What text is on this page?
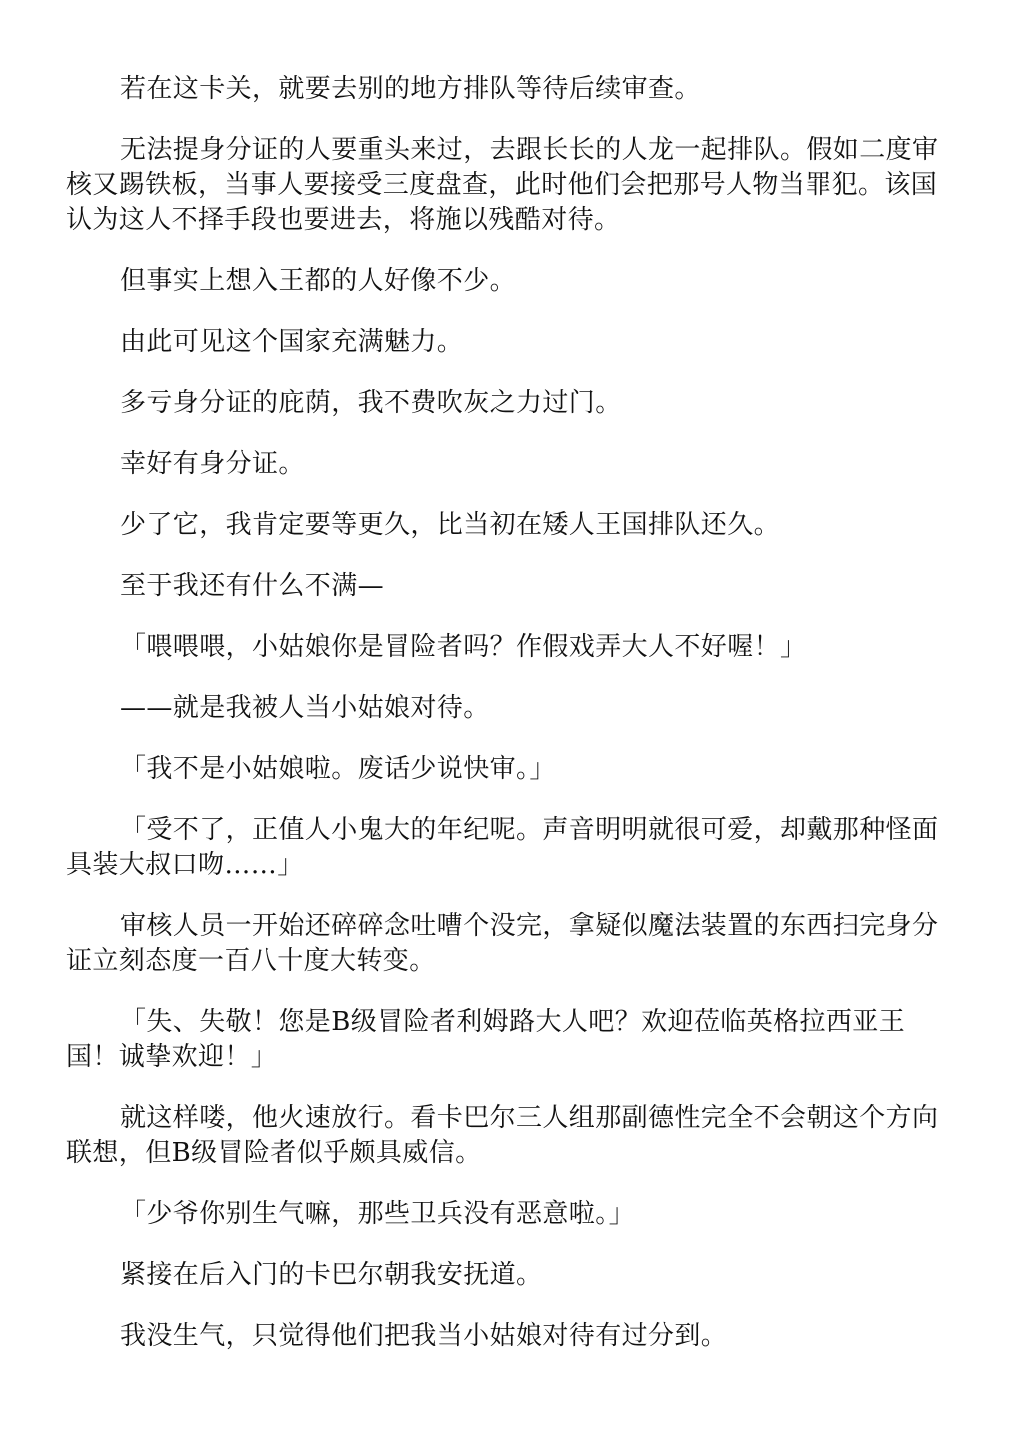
若在这卡关，就要去别的地方排队等待后续审查。

无法提身分证的人要重头来过，去跟长长的人龙一起排队。假如二度审核又踢铁板，当事人要接受三度盘查，此时他们会把那号人物当罪犯。该国认为这人不择手段也要进去，将施以残酷对待。

但事实上想入王都的人好像不少。

由此可见这个国家充满魅力。

多亏身分证的庇荫，我不费吹灰之力过门。

幸好有身分证。

少了它，我肯定要等更久，比当初在矮人王国排队还久。

至于我还有什么不满—

「喂喂喂，小姑娘你是冒险者吗？作假戏弄大人不好喔！」

——就是我被人当小姑娘对待。

「我不是小姑娘啦。废话少说快审。」

「受不了，正值人小鬼大的年纪呢。声音明明就很可爱，却戴那种怪面具装大叔口吻……」

审核人员一开始还碎碎念吐嘈个没完，拿疑似魔法装置的东西扫完身分证立刻态度一百八十度大转变。

「失、失敬！您是B级冒险者利姆路大人吧？欢迎莅临英格拉西亚王国！诚挚欢迎！」

就这样喽，他火速放行。看卡巴尔三人组那副德性完全不会朝这个方向联想，但B级冒险者似乎颇具威信。

「少爷你别生气嘛，那些卫兵没有恶意啦。」

紧接在后入门的卡巴尔朝我安抚道。

我没生气，只觉得他们把我当小姑娘对待有过分到。
